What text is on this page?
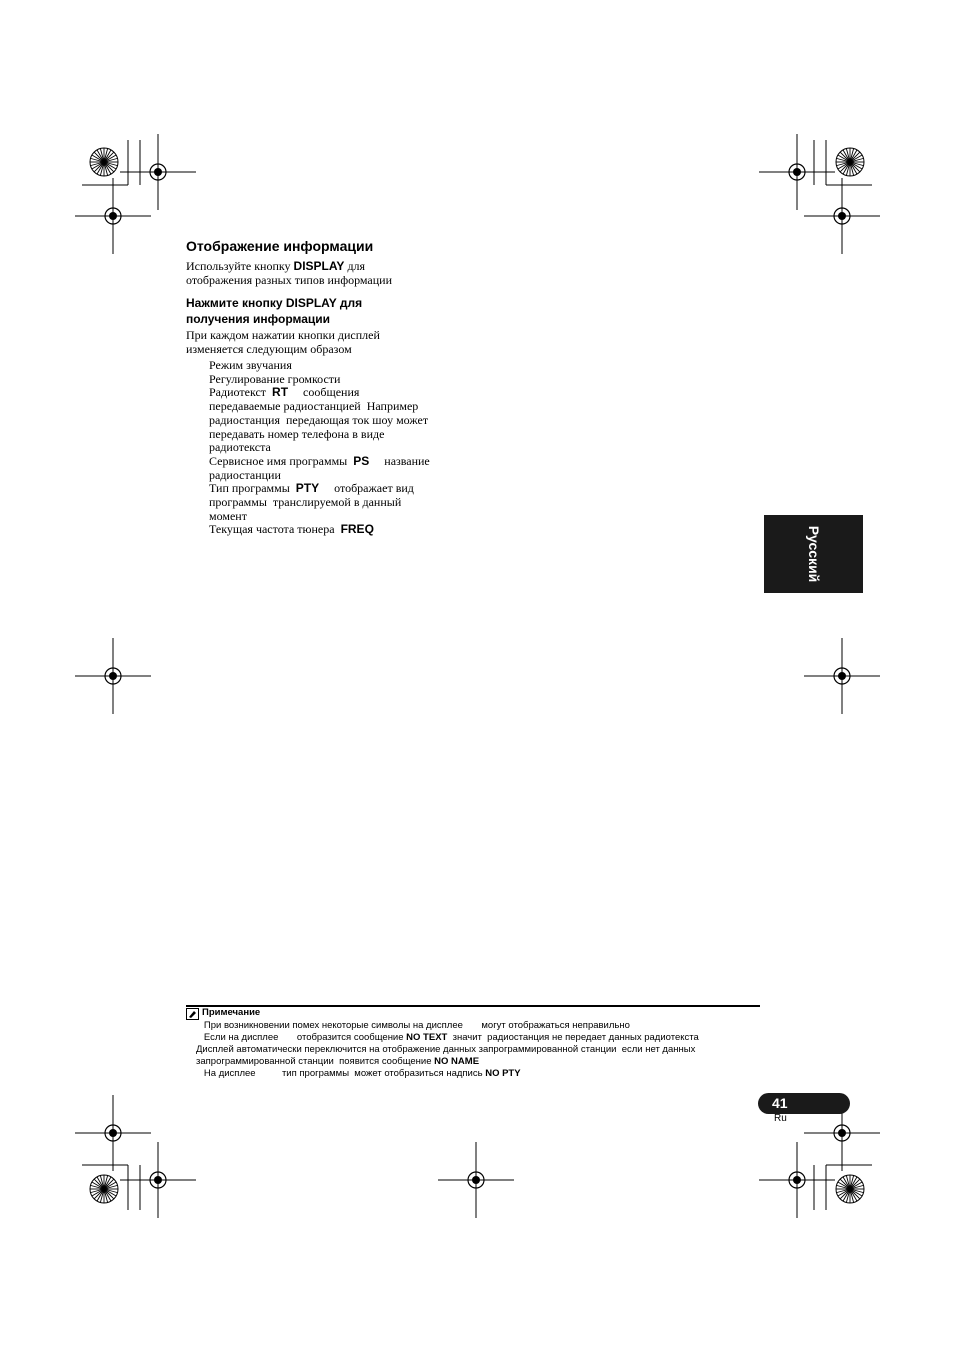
Отображение информации
Используйте кнопку DISPLAY для
отображения разных типов информации
Нажмите кнопку DISPLAY для
получения информации
При каждом нажатии кнопки дисплей
изменяется следующим образом
Режим звучания
Регулирование громкости
Радиотекст  RT     сообщения
передаваемые радиостанцией  Например
радиостанция  передающая ток шоу может
передавать номер телефона в виде
радиотекста
Сервисное имя программы  PS     название
радиостанции
Тип программы  PTY     отображает вид
программы  транслируемой в данный
момент
Текущая частота тюнера  FREQ	Русский
Примечание
При возникновении помех некоторые символы на дисплее       могут отображаться неправильно
Если на дисплее       отобразится сообщение NO TEXT  значит  радиостанция не передает данных радиотекста
Дисплей автоматически переключится на отображение данных запрограммированной станции  если нет данных
запрограммированной станции  появится сообщение NO NAME
На дисплее          тип программы  может отобразиться надпись NO PTY
41
Ru
